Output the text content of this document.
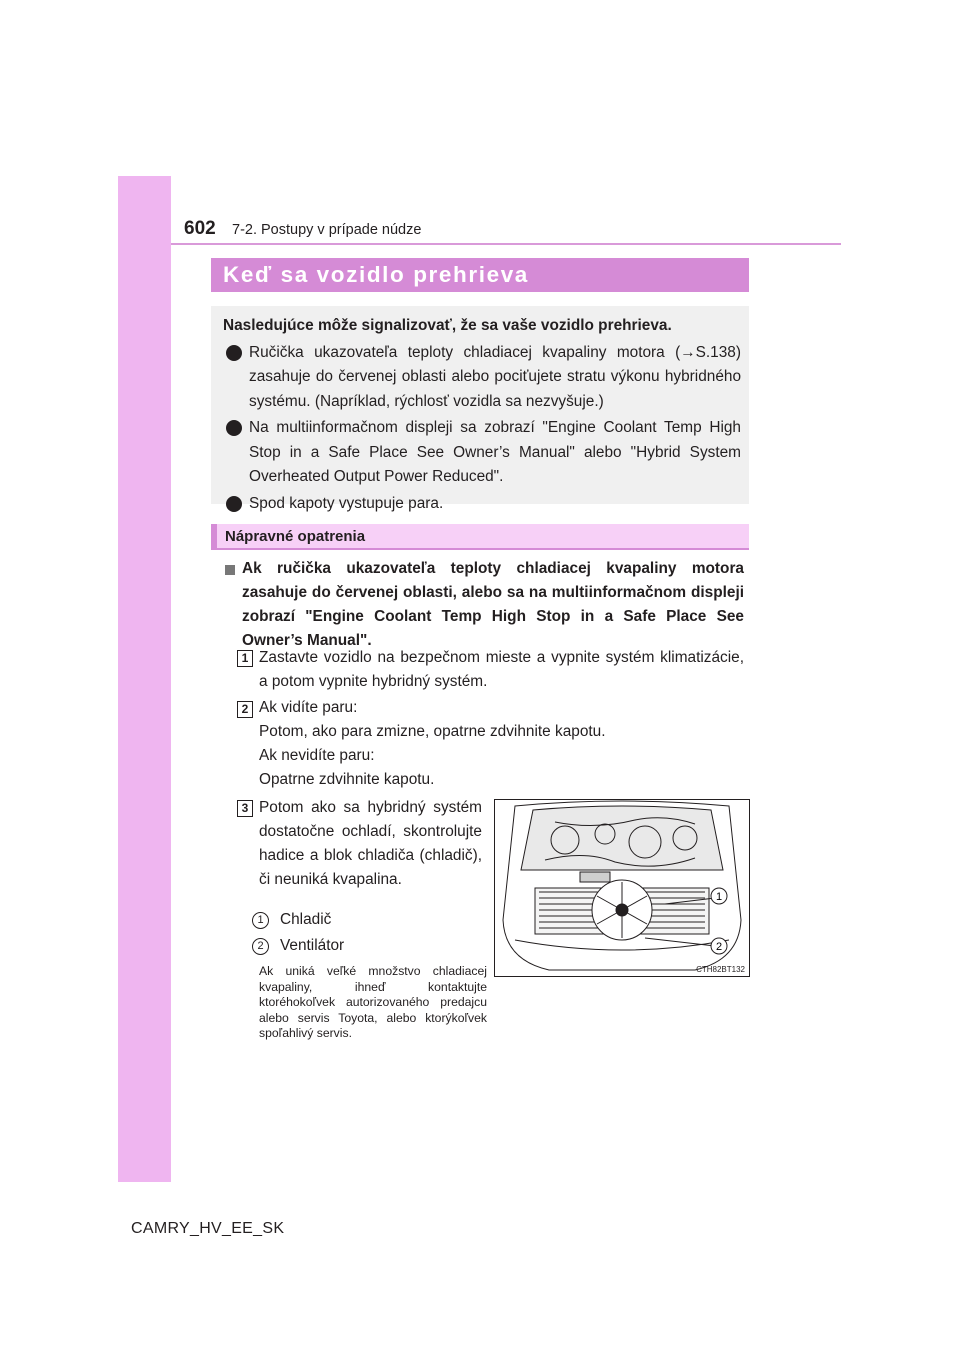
602 7-2. Postupy v prípade núdze
Keď sa vozidlo prehrieva
Nasledujúce môže signalizovať, že sa vaše vozidlo prehrieva.
Ručička ukazovateľa teploty chladiacej kvapaliny motora (→S.138) zasahuje do červenej oblasti alebo pociťujete stratu výkonu hybridného systému. (Napríklad, rýchlosť vozidla sa nezvyšuje.)
Na multiinformačnom displeji sa zobrazí "Engine Coolant Temp High Stop in a Safe Place See Owner’s Manual" alebo "Hybrid System Overheated Output Power Reduced".
Spod kapoty vystupuje para.
Nápravné opatrenia
Ak ručička ukazovateľa teploty chladiacej kvapaliny motora zasahuje do červenej oblasti, alebo sa na multiinformačnom displeji zobrazí "Engine Coolant Temp High Stop in a Safe Place See Owner’s Manual".
1 Zastavte vozidlo na bezpečnom mieste a vypnite systém klimatizácie, a potom vypnite hybridný systém.
2 Ak vidíte paru:
Potom, ako para zmizne, opatrne zdvihnite kapotu.
Ak nevidíte paru:
Opatrne zdvihnite kapotu.
3 Potom ako sa hybridný systém dostatočne ochladí, skontrolujte hadice a blok chladiča (chladič), či neuniká kvapalina.
1	Chladič
2	Ventilátor
Ak uniká veľké množstvo chladiacej kvapaliny, ihneď kontaktujte ktoréhokoľvek autorizovaného predajcu alebo servis Toyota, alebo ktorýkoľvek spoľahlivý servis.
1
2
CTH82BT132
CAMRY_HV_EE_SK
